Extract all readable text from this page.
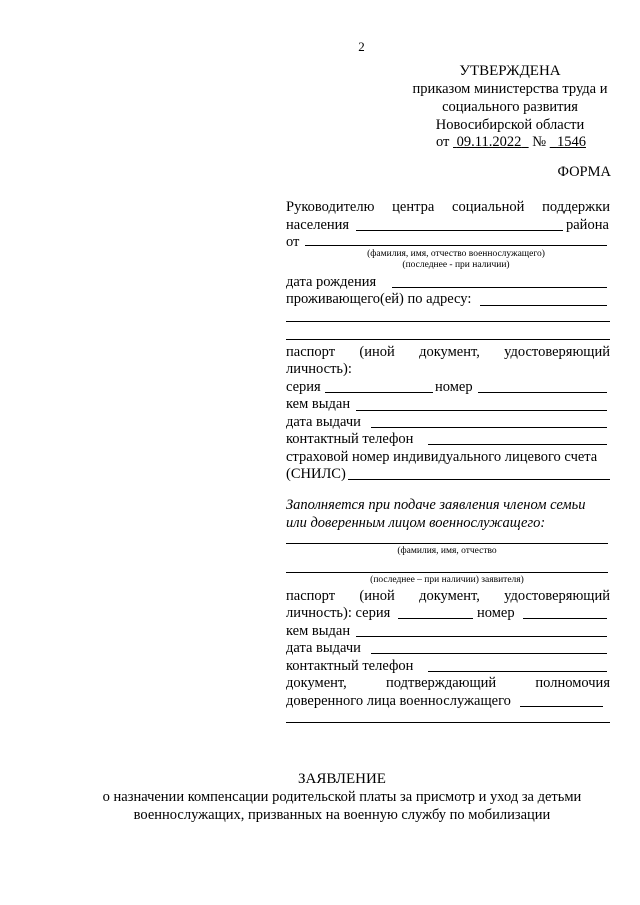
2
УТВЕРЖДЕНА
приказом министерства труда и
социального развития
Новосибирской области
от 09.11.2022 № 1546
ФОРМА
Руководителю центра социальной поддержки
населения	района
от
(фамилия, имя, отчество военнослужащего)
(последнее - при наличии)
дата рождения
проживающего(ей) по адресу:
паспорт (иной документ, удостоверяющий
личность):
серия	номер
кем выдан
дата выдачи
контактный телефон
страховой номер индивидуального лицевого счета
(СНИЛС)
Заполняется при подаче заявления членом семьи
или доверенным лицом военнослужащего:
(фамилия, имя, отчество
(последнее – при наличии) заявителя)
паспорт (иной документ, удостоверяющий
личность): серия	номер
кем выдан
дата выдачи
контактный телефон
документ,	подтверждающий	полномочия
доверенного лица военнослужащего
ЗАЯВЛЕНИЕ
о назначении компенсации родительской платы за присмотр и уход за детьми
военнослужащих, призванных на военную службу по мобилизации
